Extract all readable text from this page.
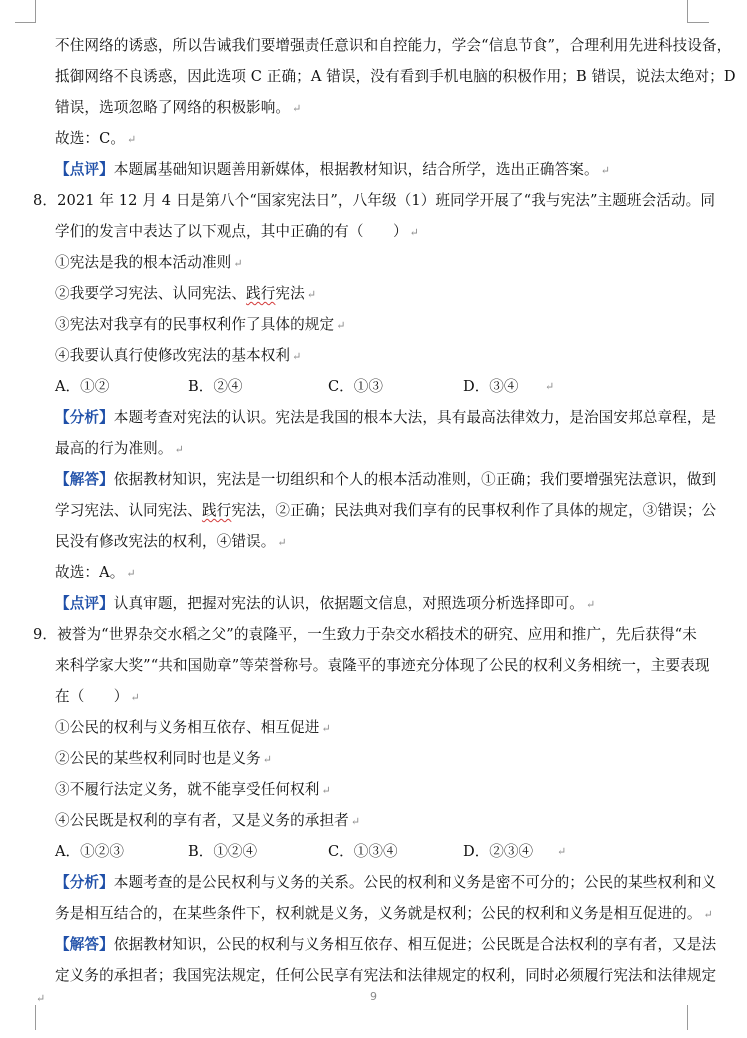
↵
不住网络的诱惑，所以告诫我们要增强责任意识和自控能力，学会“信息节食”，合理利用先进科技设备，
抵御网络不良诱惑，因此选项 C 正确；A 错误，没有看到手机电脑的积极作用；B 错误，说法太绝对；D
错误，选项忽略了网络的积极影响。 ↵
故选：C。 ↵
【点评】本题属基础知识题善用新媒体，根据教材知识，结合所学，选出正确答案。 ↵
8．2021 年 12 月 4 日是第八个“国家宪法日”，八年级（1）班同学开展了“我与宪法”主题班会活动。同
学们的发言中表达了以下观点，其中正确的有（　　） ↵
①宪法是我的根本活动准则 ↵
②我要学习宪法、认同宪法、践行宪法 ↵
③宪法对我享有的民事权利作了具体的规定 ↵
④我要认真行使修改宪法的基本权利 ↵
A．①②	B．②④	C．①③	D．③④ ↵
【分析】本题考查对宪法的认识。宪法是我国的根本大法，具有最高法律效力，是治国安邦总章程，是
最高的行为准则。 ↵
【解答】依据教材知识，宪法是一切组织和个人的根本活动准则，①正确；我们要增强宪法意识，做到
学习宪法、认同宪法、践行宪法，②正确；民法典对我们享有的民事权利作了具体的规定，③错误；公
民没有修改宪法的权利，④错误。 ↵
故选：A。 ↵
【点评】认真审题，把握对宪法的认识，依据题文信息，对照选项分析选择即可。 ↵
9．被誉为“世界杂交水稻之父”的袁隆平，一生致力于杂交水稻技术的研究、应用和推广，先后获得“未
来科学家大奖”“共和国勋章”等荣誉称号。袁隆平的事迹充分体现了公民的权利义务相统一，主要表现
在（　　） ↵
①公民的权利与义务相互依存、相互促进 ↵
②公民的某些权利同时也是义务 ↵
③不履行法定义务，就不能享受任何权利 ↵
④公民既是权利的享有者，又是义务的承担者 ↵
A．①②③	B．①②④	C．①③④	D．②③④ ↵
【分析】本题考查的是公民权利与义务的关系。公民的权利和义务是密不可分的；公民的某些权利和义
务是相互结合的，在某些条件下，权利就是义务，义务就是权利；公民的权利和义务是相互促进的。 ↵
【解答】依据教材知识，公民的权利与义务相互依存、相互促进；公民既是合法权利的享有者，又是法
定义务的承担者；我国宪法规定，任何公民享有宪法和法律规定的权利，同时必须履行宪法和法律规定
9
